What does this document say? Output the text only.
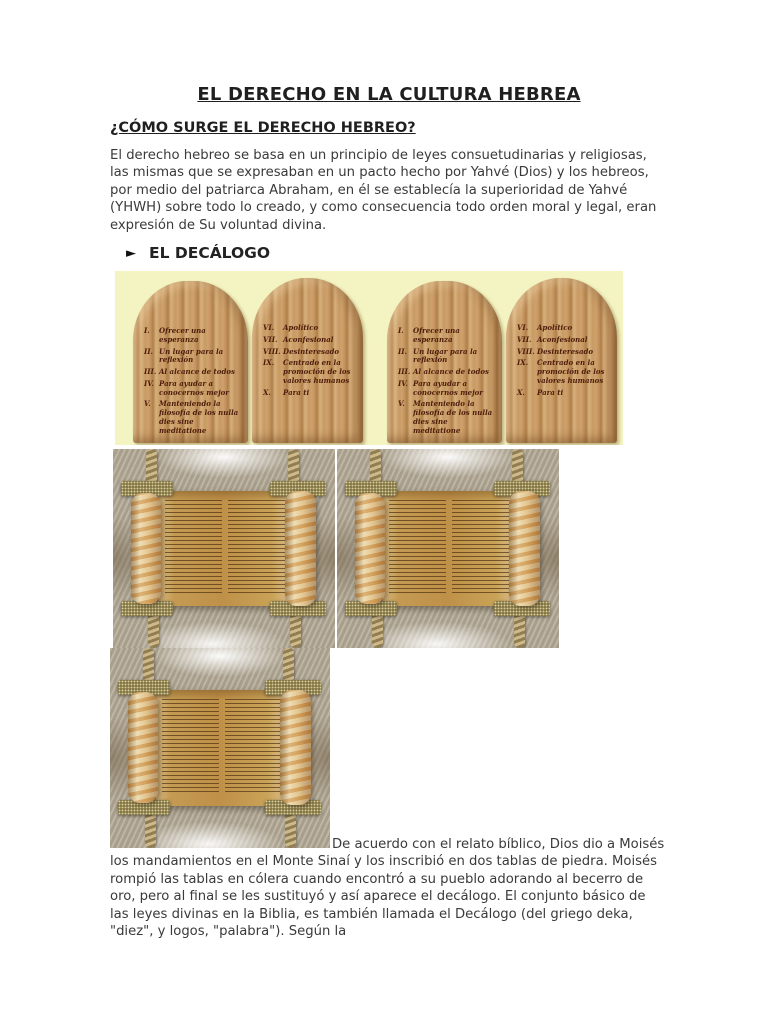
EL DERECHO EN LA CULTURA HEBREA
¿CÓMO SURGE EL DERECHO HEBREO?

El derecho hebreo se basa en un principio de leyes consuetudinarias y religiosas, las mismas que se expresaban en un pacto hecho por Yahvé (Dios) y los hebreos, por medio del patriarca Abraham, en él se establecía la superioridad de Yahvé (YHWH) sobre todo lo creado, y como consecuencia todo orden moral y legal, eran expresión de Su voluntad divina.

► EL DECÁLOGO
I.	Ofrecer una esperanza
II. Un lugar para la reflexión
III. Al alcance de todos
IV. Para ayudar a conocernos mejor
V.	Manteniendo la filosofía de los nulla dies sine meditatione
VI.	Apolítico
VII. Aconfesional
VIII. Desinteresado
IX.	Centrado en la promoción de los valores humanos
X.	Para ti
I.	Ofrecer una esperanza
II. Un lugar para la reflexión
III. Al alcance de todos
IV. Para ayudar a conocernos mejor
V.	Manteniendo la filosofía de los nulla dies sine meditatione
VI.	Apolítico
VII. Aconfesional
VIII. Desinteresado
IX.	Centrado en la promoción de los valores humanos
X.	Para ti

De acuerdo con el relato bíblico, Dios dio a Moisés los mandamientos en el Monte Sinaí y los inscribió en dos tablas de piedra. Moisés rompió las tablas en cólera cuando encontró a su pueblo adorando al becerro de oro, pero al final se les sustituyó y así aparece el decálogo. El conjunto básico de las leyes divinas en la Biblia, es también llamada el Decálogo (del griego deka, "diez", y logos, "palabra"). Según la
